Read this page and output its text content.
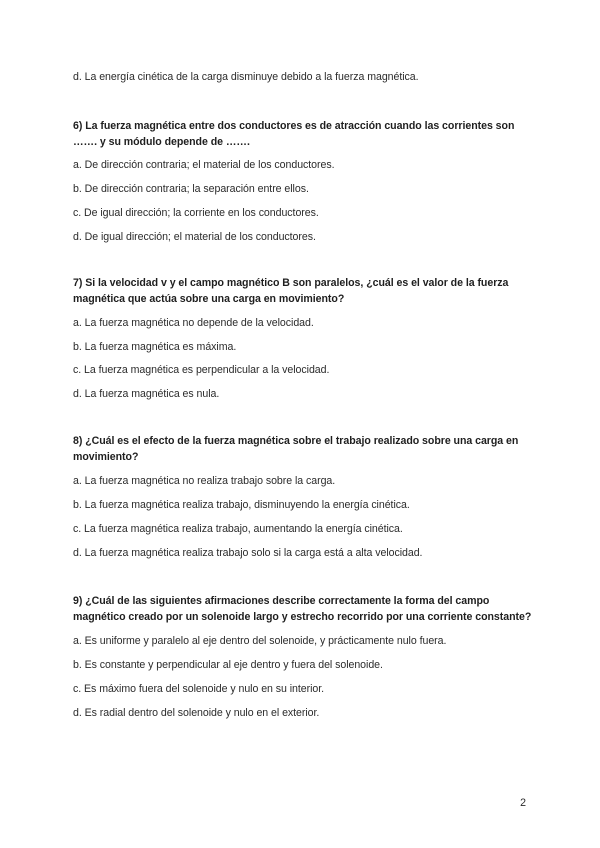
d. La energía cinética de la carga disminuye debido a la fuerza magnética.
6) La fuerza magnética entre dos conductores es de atracción cuando las corrientes son
……. y su módulo depende de …….
a. De dirección contraria; el material de los conductores.
b. De dirección contraria; la separación entre ellos.
c. De igual dirección; la corriente en los conductores.
d. De igual dirección; el material de los conductores.
7) Si la velocidad v y el campo magnético B son paralelos, ¿cuál es el valor de la fuerza
magnética que actúa sobre una carga en movimiento?
a. La fuerza magnética no depende de la velocidad.
b. La fuerza magnética es máxima.
c. La fuerza magnética es perpendicular a la velocidad.
d. La fuerza magnética es nula.
8) ¿Cuál es el efecto de la fuerza magnética sobre el trabajo realizado sobre una carga en
movimiento?
a. La fuerza magnética no realiza trabajo sobre la carga.
b. La fuerza magnética realiza trabajo, disminuyendo la energía cinética.
c. La fuerza magnética realiza trabajo, aumentando la energía cinética.
d. La fuerza magnética realiza trabajo solo si la carga está a alta velocidad.
9) ¿Cuál de las siguientes afirmaciones describe correctamente la forma del campo
magnético creado por un solenoide largo y estrecho recorrido por una corriente constante?
a. Es uniforme y paralelo al eje dentro del solenoide, y prácticamente nulo fuera.
b. Es constante y perpendicular al eje dentro y fuera del solenoide.
c. Es máximo fuera del solenoide y nulo en su interior.
d. Es radial dentro del solenoide y nulo en el exterior.
2
